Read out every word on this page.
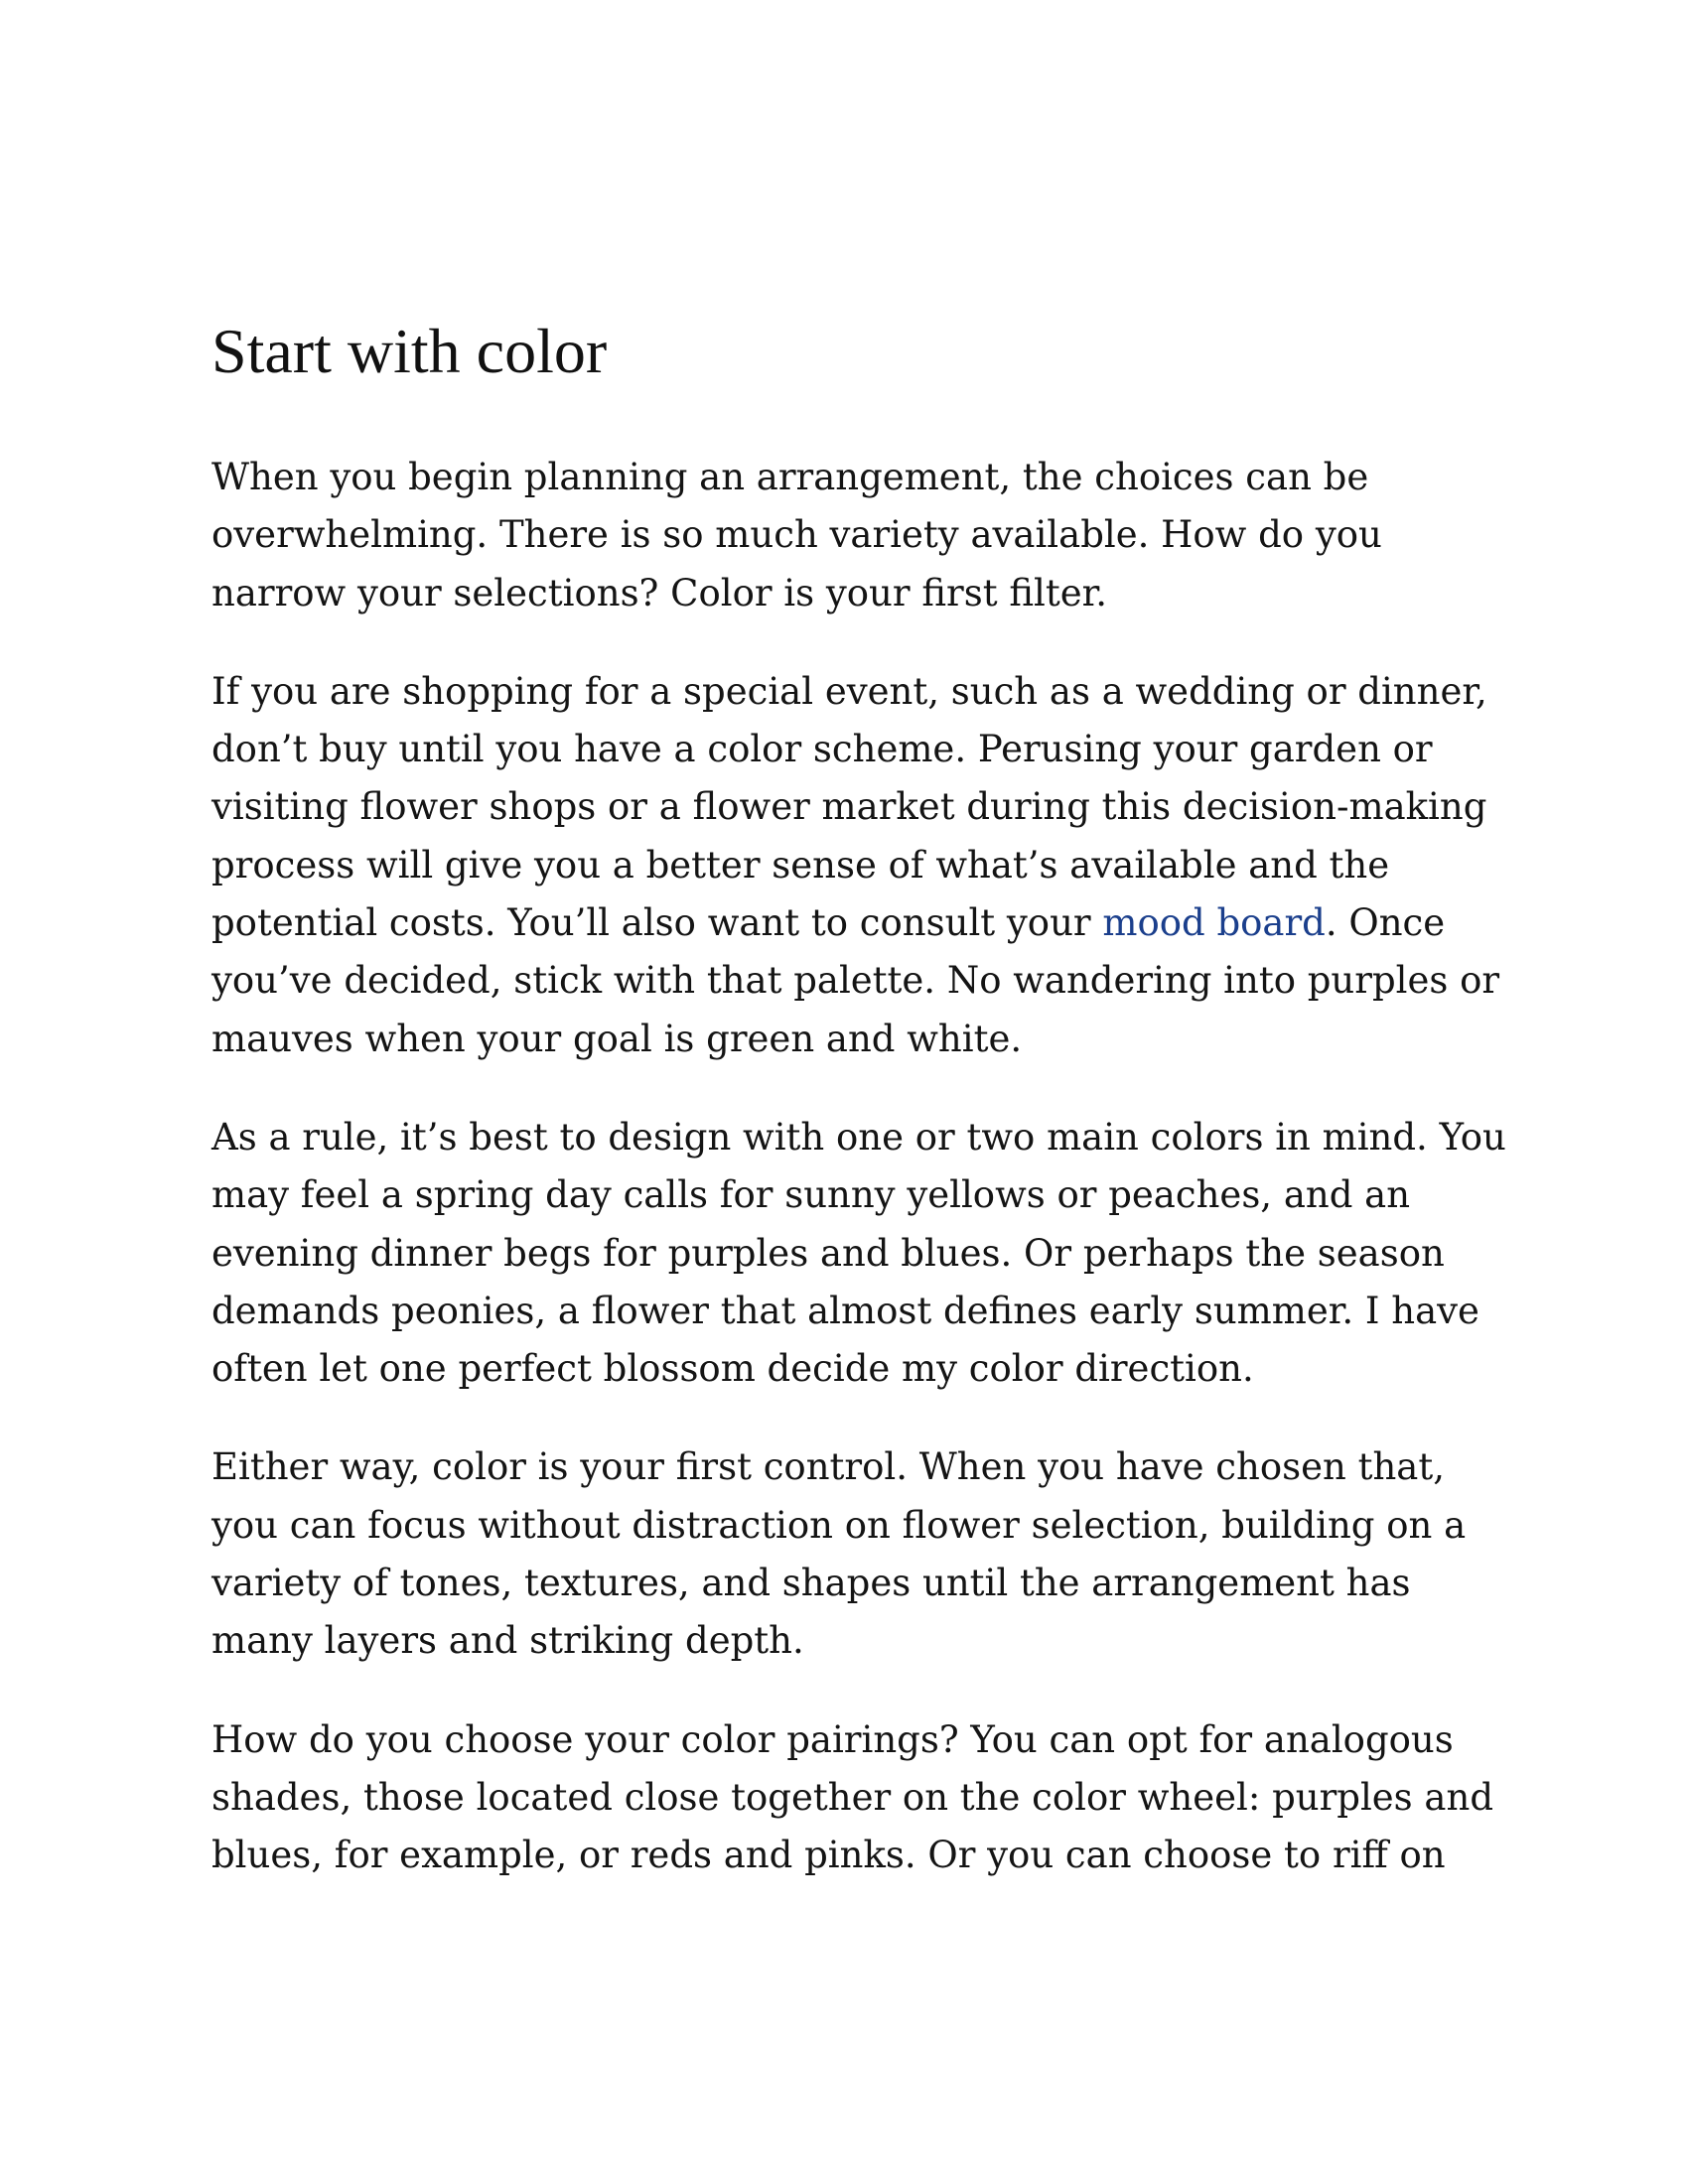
Start with color

When you begin planning an arrangement, the choices can be
overwhelming. There is so much variety available. How do you
narrow your selections? Color is your first filter.

If you are shopping for a special event, such as a wedding or dinner,
don’t buy until you have a color scheme. Perusing your garden or
visiting flower shops or a flower market during this decision-making
process will give you a better sense of what’s available and the
potential costs. You’ll also want to consult your mood board. Once
you’ve decided, stick with that palette. No wandering into purples or
mauves when your goal is green and white.

As a rule, it’s best to design with one or two main colors in mind. You
may feel a spring day calls for sunny yellows or peaches, and an
evening dinner begs for purples and blues. Or perhaps the season
demands peonies, a flower that almost defines early summer. I have
often let one perfect blossom decide my color direction.

Either way, color is your first control. When you have chosen that,
you can focus without distraction on flower selection, building on a
variety of tones, textures, and shapes until the arrangement has
many layers and striking depth.

How do you choose your color pairings? You can opt for analogous
shades, those located close together on the color wheel: purples and
blues, for example, or reds and pinks. Or you can choose to riff on
